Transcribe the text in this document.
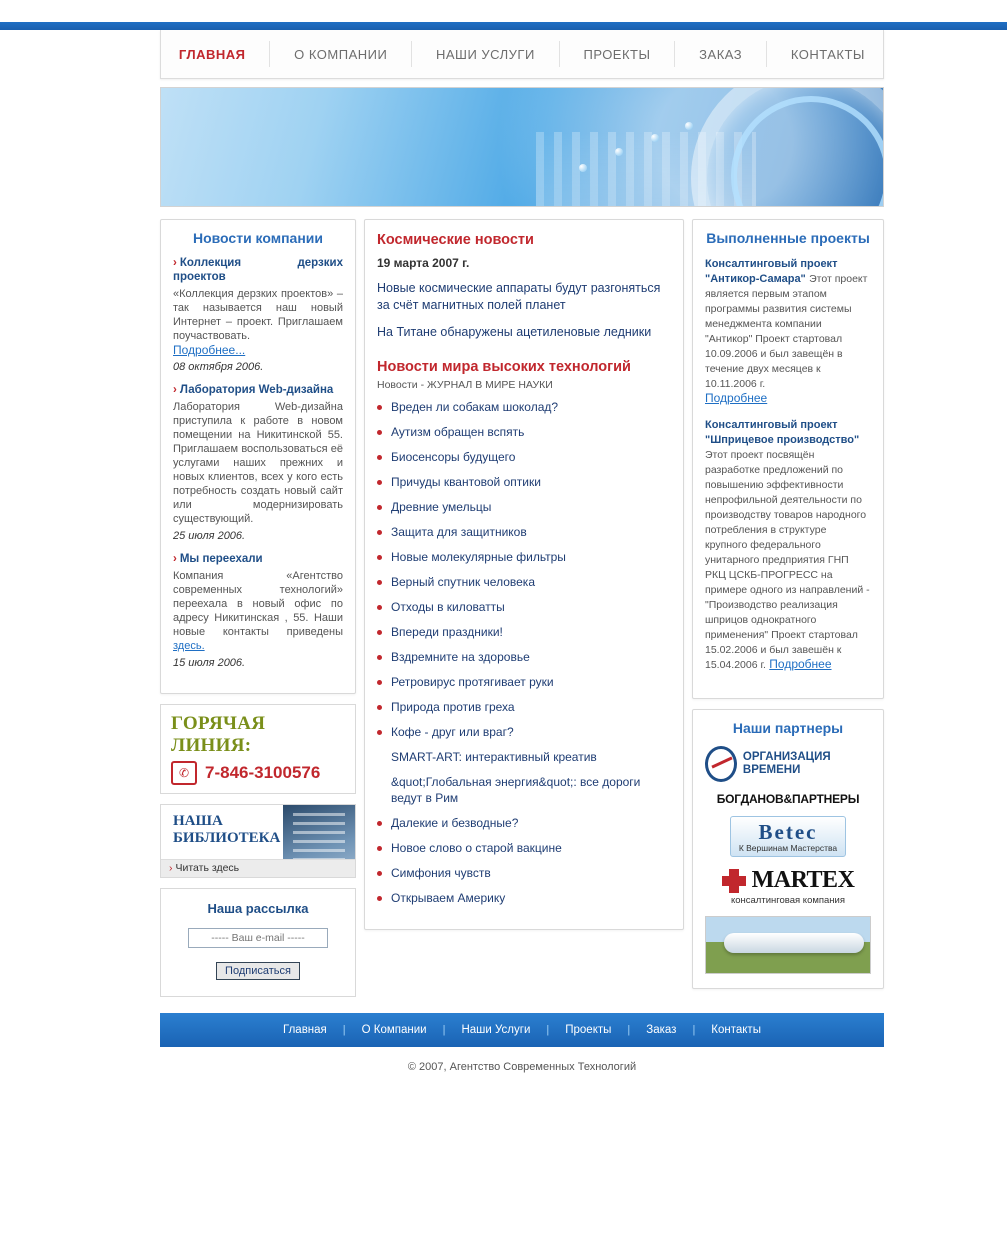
ГЛАВНАЯ	О КОМПАНИИ	НАШИ УСЛУГИ	ПРОЕКТЫ	ЗАКАЗ	КОНТАКТЫ
Новости компании
› Коллекция дерзких проектов
«Коллекция дерзких проектов» – так называется наш новый Интернет – проект. Приглашаем поучаствовать.
Подробнее...
08 октября 2006.
› Лаборатория Web-дизайна
Лаборатория Web-дизайна приступила к работе в новом помещении на Никитинской 55. Приглашаем воспользоваться её услугами наших прежних и новых клиентов, всех у кого есть потребность создать новый сайт или модернизировать существующий.
25 июля 2006.
› Мы переехали
Компания «Агентство современных технологий» переехала в новый офис по адресу Никитинская , 55. Наши новые контакты приведены здесь.
15 июля 2006.
ГОРЯЧАЯ ЛИНИЯ:
✆ 7-846-3100576
НАША БИБЛИОТЕКА
› Читать здесь
Наша рассылка
----- Ваш e-mail -----
Подписаться
Космические новости
19 марта 2007 г.
Новые космические аппараты будут разгоняться за счёт магнитных полей планет
На Титане обнаружены ацетиленовые ледники
Новости мира высоких технологий
Новости - ЖУРНАЛ В МИРЕ НАУКИ
Вреден ли собакам шоколад?
Аутизм обращен вспять
Биосенсоры будущего
Причуды квантовой оптики
Древние умельцы
Защита для защитников
Новые молекулярные фильтры
Верный спутник человека
Отходы в киловатты
Впереди праздники!
Вздремните на здоровье
Ретровирус протягивает руки
Природа против греха
Кофе - друг или враг?
SMART-ART: интерактивный креатив
&quot;Глобальная энергия&quot;: все дороги ведут в Рим
Далекие и безводные?
Новое слово о старой вакцине
Симфония чувств
Открываем Америку
Выполненные проекты
Консалтинговый проект "Антикор-Самара" Этот проект является первым этапом программы развития системы менеджмента компании "Антикор" Проект стартовал 10.09.2006 и был завещён в течение двух месяцев к 10.11.2006 г.
Подробнее
Консалтинговый проект "Шприцевое производство" Этот проект посвящён разработке предложений по повышению эффективности непрофильной деятельности по производству товаров народного потребления в структуре крупного федерального унитарного предприятия ГНП РКЦ ЦСКБ-ПРОГРЕСС на примере одного из направлений - "Производство реализация шприцов однократного применения" Проект стартовал 15.02.2006 и был завешён к 15.04.2006 г. Подробнее
Наши партнеры
ОРГАНИЗАЦИЯ ВРЕМЕНИ
БОГДАНОВ&ПАРТНЕРЫ
Betec
К Вершинам Мастерства
MARTEX
консалтинговая компания
Главная	|	О Компании	|	Наши Услуги	|	Проекты	|	Заказ	|	Контакты
© 2007, Агентство Современных Технологий
